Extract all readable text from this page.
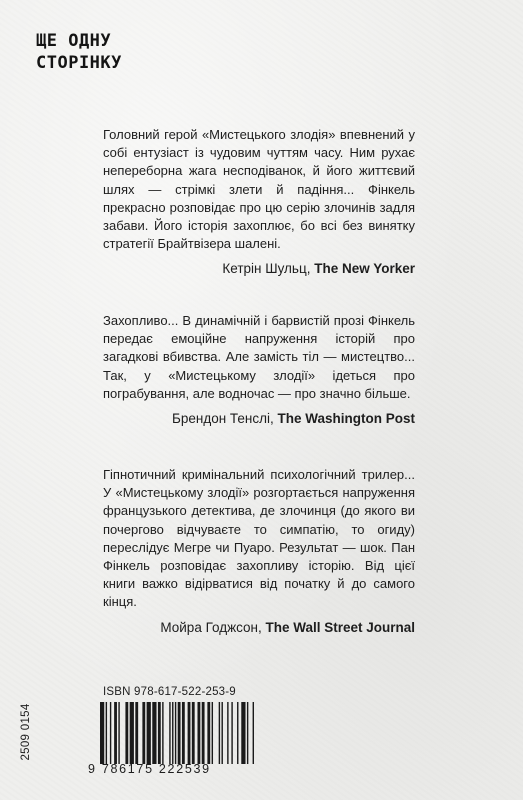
ЩЕ ОДНУ
СТОРІНКУ

Головний герой «Мистецького злодія» впевнений у собі ентузіаст із чудовим чуттям часу. Ним рухає непереборна жага несподіванок, й його життєвий шлях — стрімкі злети й падіння... Фінкель прекрасно розповідає про цю серію злочинів задля забави. Його історія захоплює, бо всі без винятку стратегії Брайтвізера шалені.

Кетрін Шульц, The New Yorker

Захопливо... В динамічній і барвистій прозі Фінкель передає емоційне напруження історій про загадкові вбивства. Але замість тіл — мистецтво... Так, у «Мистецькому злодії» ідеться про пограбування, але водночас — про значно більше.

Брендон Тенслі, The Washington Post

Гіпнотичний кримінальний психологічний трилер... У «Мистецькому злодії» розгортається напруження французького детектива, де злочинця (до якого ви почергово відчуваєте то симпатію, то огиду) переслідує Мегре чи Пуаро. Результат — шок. Пан Фінкель розповідає захопливу історію. Від цієї книги важко відірватися від початку й до самого кінця.

Мойра Годжсон, The Wall Street Journal
2509 0154
ISBN 978-617-522-253-9
9 786175 222539
